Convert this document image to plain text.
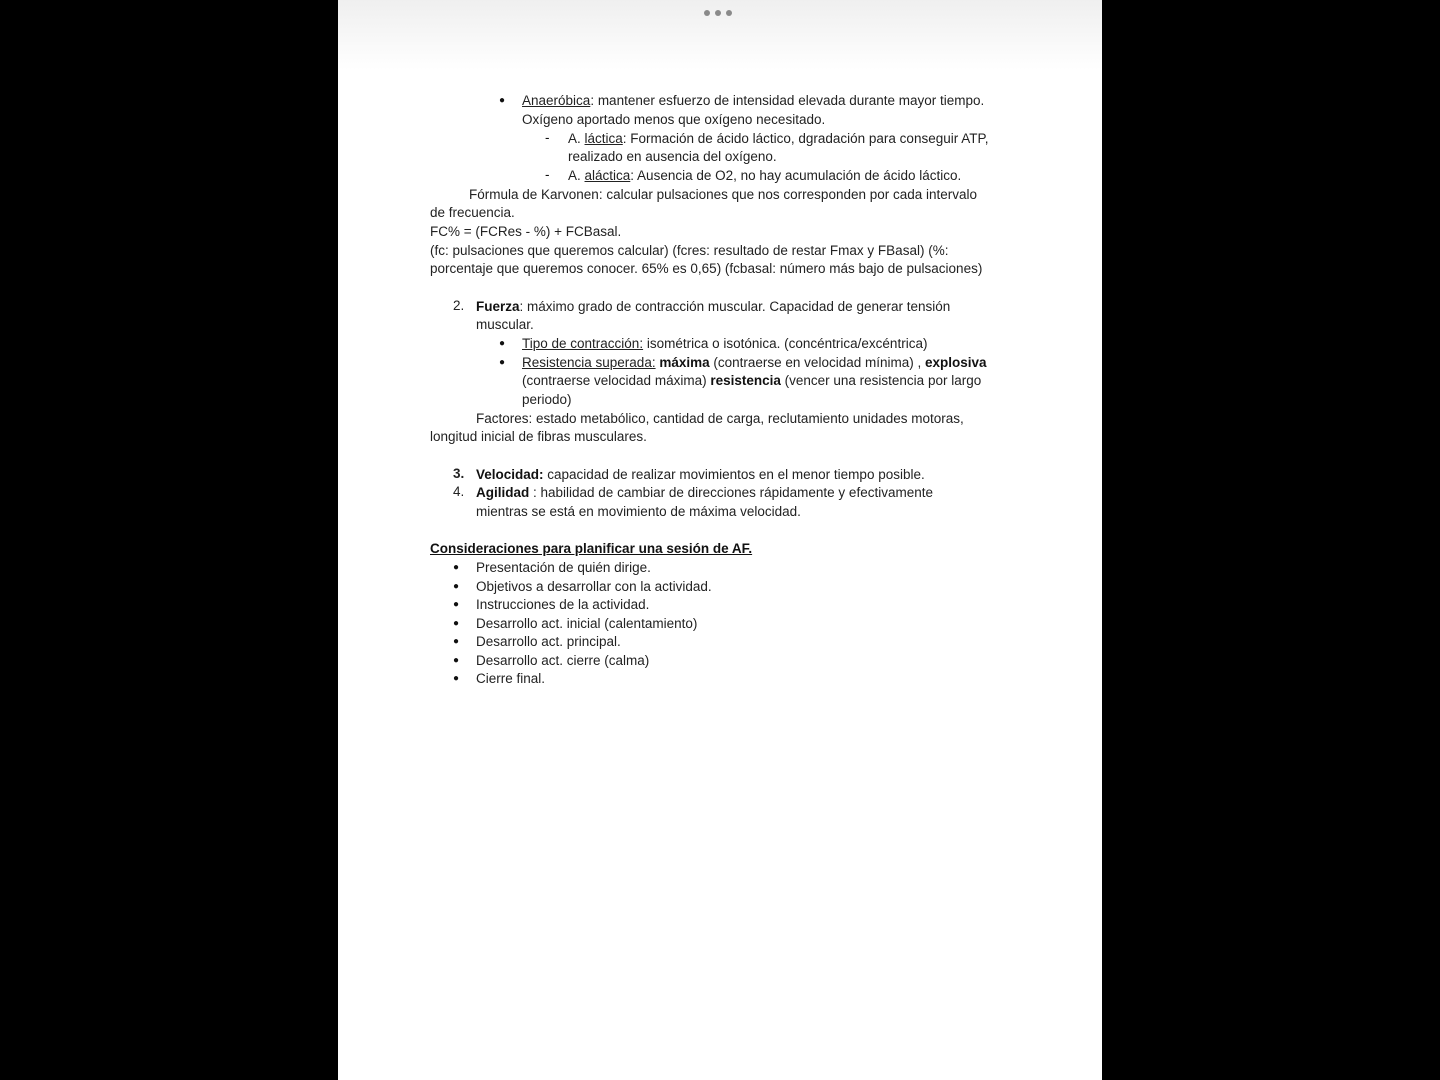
● Anaeróbica: mantener esfuerzo de intensidad elevada durante mayor tiempo.
Oxígeno aportado menos que oxígeno necesitado.
- A. láctica: Formación de ácido láctico, dgradación para conseguir ATP,
realizado en ausencia del oxígeno.
- A. aláctica: Ausencia de O2, no hay acumulación de ácido láctico.
Fórmula de Karvonen: calcular pulsaciones que nos corresponden por cada intervalo
de frecuencia.
FC% = (FCRes - %) + FCBasal.
(fc: pulsaciones que queremos calcular) (fcres: resultado de restar Fmax y FBasal) (%:
porcentaje que queremos conocer. 65% es 0,65) (fcbasal: número más bajo de pulsaciones)
2. Fuerza: máximo grado de contracción muscular. Capacidad de generar tensión
muscular.
● Tipo de contracción: isométrica o isotónica. (concéntrica/excéntrica)
● Resistencia superada: máxima (contraerse en velocidad mínima) , explosiva
(contraerse velocidad máxima) resistencia (vencer una resistencia por largo
periodo)
Factores: estado metabólico, cantidad de carga, reclutamiento unidades motoras,
longitud inicial de fibras musculares.
3. Velocidad: capacidad de realizar movimientos en el menor tiempo posible.
4. Agilidad : habilidad de cambiar de direcciones rápidamente y efectivamente
mientras se está en movimiento de máxima velocidad.
Consideraciones para planificar una sesión de AF.
● Presentación de quién dirige.
● Objetivos a desarrollar con la actividad.
● Instrucciones de la actividad.
● Desarrollo act. inicial (calentamiento)
● Desarrollo act. principal.
● Desarrollo act. cierre (calma)
● Cierre final.
